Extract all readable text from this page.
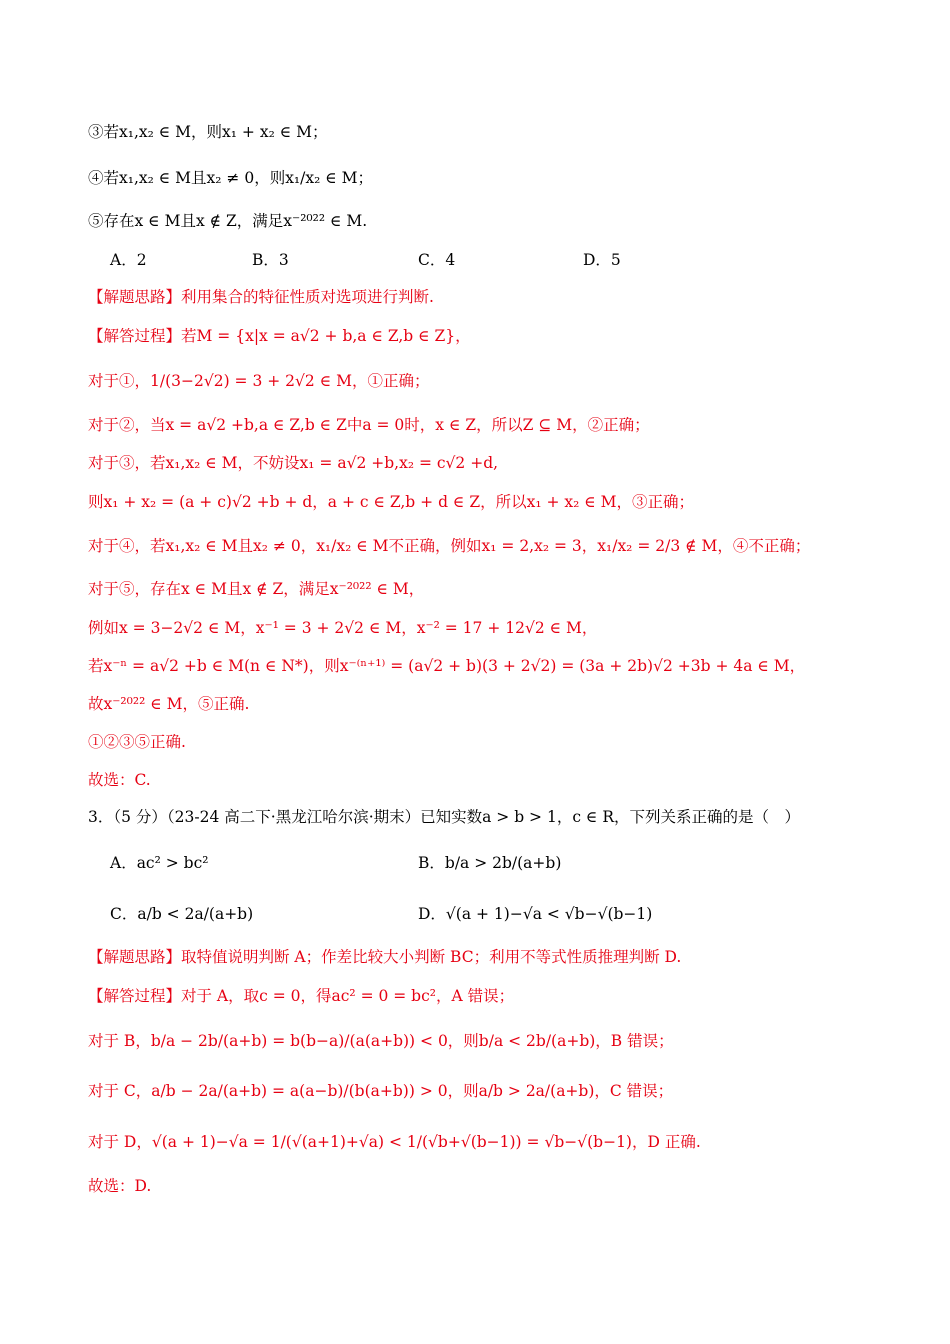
③若x₁,x₂ ∈ M，则x₁ + x₂ ∈ M；
④若x₁,x₂ ∈ M且x₂ ≠ 0，则x₁/x₂ ∈ M；
⑤存在x ∈ M且x ∉ Z，满足x⁻²⁰²² ∈ M.
A．2	B．3	C．4	D．5
【解题思路】利用集合的特征性质对选项进行判断.
【解答过程】若M = {x|x = a√2 + b,a ∈ Z,b ∈ Z}，
对于①，1/(3−2√2) = 3 + 2√2 ∈ M，①正确；
对于②，当x = a√2 +b,a ∈ Z,b ∈ Z中a = 0时，x ∈ Z，所以Z ⊆ M，②正确；
对于③，若x₁,x₂ ∈ M，不妨设x₁ = a√2 +b,x₂ = c√2 +d,
则x₁ + x₂ = (a + c)√2 +b + d，a + c ∈ Z,b + d ∈ Z，所以x₁ + x₂ ∈ M，③正确；
对于④，若x₁,x₂ ∈ M且x₂ ≠ 0，x₁/x₂ ∈ M不正确，例如x₁ = 2,x₂ = 3，x₁/x₂ = 2/3 ∉ M，④不正确；
对于⑤，存在x ∈ M且x ∉ Z，满足x⁻²⁰²² ∈ M，
例如x = 3−2√2 ∈ M，x⁻¹ = 3 + 2√2 ∈ M，x⁻² = 17 + 12√2 ∈ M，
若x⁻ⁿ = a√2 +b ∈ M(n ∈ N*)，则x⁻⁽ⁿ⁺¹⁾ = (a√2 + b)(3 + 2√2) = (3a + 2b)√2 +3b + 4a ∈ M，
故x⁻²⁰²² ∈ M，⑤正确.
①②③⑤正确.
故选：C.
3．（5 分）（23-24 高二下·黑龙江哈尔滨·期末）已知实数a > b > 1，c ∈ R，下列关系正确的是（　）
A．ac² > bc²	B．b/a > 2b/(a+b)
C．a/b < 2a/(a+b)	D．√(a + 1)−√a < √b−√(b−1)
【解题思路】取特值说明判断 A；作差比较大小判断 BC；利用不等式性质推理判断 D.
【解答过程】对于 A，取c = 0，得ac² = 0 = bc²，A 错误；
对于 B，b/a − 2b/(a+b) = b(b−a)/(a(a+b)) < 0，则b/a < 2b/(a+b)，B 错误；
对于 C，a/b − 2a/(a+b) = a(a−b)/(b(a+b)) > 0，则a/b > 2a/(a+b)，C 错误；
对于 D，√(a + 1)−√a = 1/(√(a+1)+√a) < 1/(√b+√(b−1)) = √b−√(b−1)，D 正确.
故选：D.
